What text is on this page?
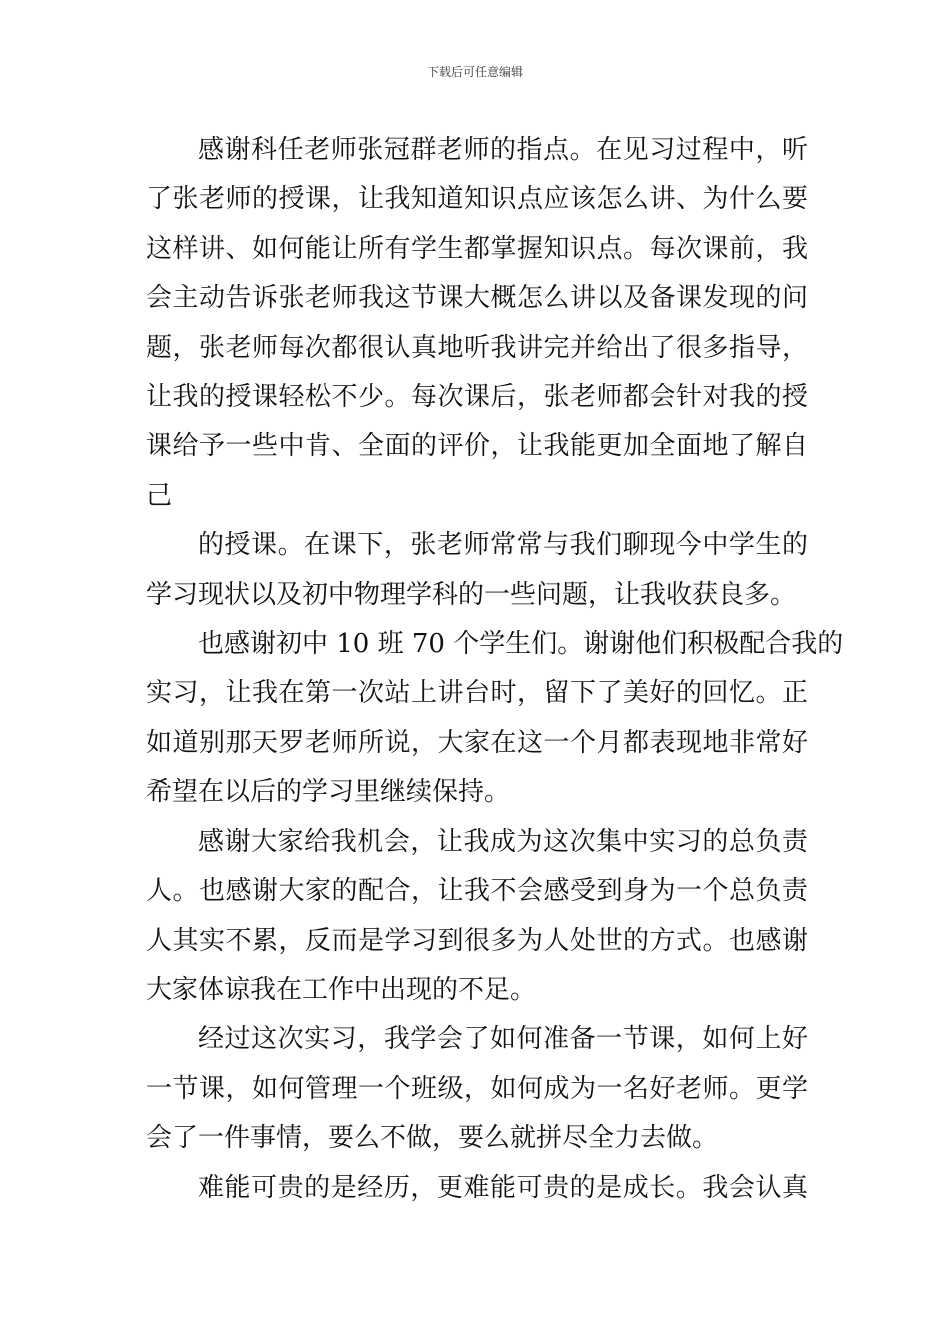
下载后可任意编辑

感谢科任老师张冠群老师的指点。在见习过程中，听
了张老师的授课，让我知道知识点应该怎么讲、为什么要
这样讲、如何能让所有学生都掌握知识点。每次课前，我
会主动告诉张老师我这节课大概怎么讲以及备课发现的问
题，张老师每次都很认真地听我讲完并给出了很多指导，
让我的授课轻松不少。每次课后，张老师都会针对我的授
课给予一些中肯、全面的评价，让我能更加全面地了解自
己

的授课。在课下，张老师常常与我们聊现今中学生的
学习现状以及初中物理学科的一些问题，让我收获良多。

也感谢初中 10 班 70 个学生们。谢谢他们积极配合我的
实习，让我在第一次站上讲台时，留下了美好的回忆。正
如道别那天罗老师所说，大家在这一个月都表现地非常好
希望在以后的学习里继续保持。

感谢大家给我机会，让我成为这次集中实习的总负责
人。也感谢大家的配合，让我不会感受到身为一个总负责
人其实不累，反而是学习到很多为人处世的方式。也感谢
大家体谅我在工作中出现的不足。

经过这次实习，我学会了如何准备一节课，如何上好
一节课，如何管理一个班级，如何成为一名好老师。更学
会了一件事情，要么不做，要么就拼尽全力去做。

难能可贵的是经历，更难能可贵的是成长。我会认真
